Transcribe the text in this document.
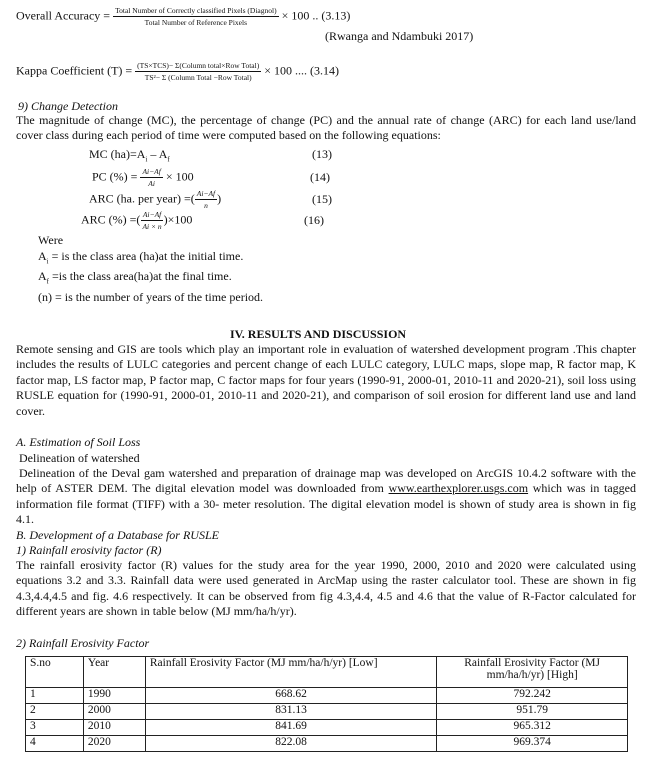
Overall Accuracy = $\frac{\text{Total Number of Correctly classified Pixels (Diagnol)}}{\text{Total Number of Reference Pixels}} \times 100$ .. (3.13)
(Rwanga and Ndambuki 2017)
Kappa Coefficient $(T) = \frac{\text{(TS×TCS)− Σ(Column total×Row Total)}}{\text{TS²− Σ (Column Total −Row Total)}} \times 100$ .... (3.14)
9) Change Detection
The magnitude of change (MC), the percentage of change (PC) and the annual rate of change (ARC) for each land use/land cover class during each period of time were computed based on the following equations:
MC $(ha)=A_i - A_f$	(13)
PC (%) = $\frac{Ai-Af}{Ai} \times 100$	(14)
ARC (ha. per year) =( $\frac{Ai-Af}{n}$ )	(15)
ARC (%) =( $\frac{Ai-Af}{Ai \times n} )\times 100$	(16)
Were
$A_i$ = is the class area (ha)at the initial time.
$A_f =is$ the class area(ha)at the final time.
(n) = is the number of years of the time period.
IV. RESULTS AND DISCUSSION
Remote sensing and GIS are tools which play an important role in evaluation of watershed development program .This chapter includes the results of LULC categories and percent change of each LULC category, LULC maps, slope map, R factor map, K factor map, LS factor map, P factor map, C factor maps for four years (1990-91, 2000-01, 2010-11 and 2020-21), soil loss using RUSLE equation for (1990-91, 2000-01, 2010-11 and 2020-21), and comparison of soil erosion for different land use and land cover.
A. Estimation of Soil Loss
Delineation of watershed
Delineation of the Deval gam watershed and preparation of drainage map was developed on ArcGIS 10.4.2 software with the help of ASTER DEM. The digital elevation model was downloaded from www.earthexplorer.usgs.com which was in tagged information file format (TIFF) with a 30- meter resolution. The digital elevation model is shown of study area is shown in fig 4.1.
B. Development of a Database for RUSLE
1) Rainfall erosivity factor (R)
The rainfall erosivity factor (R) values for the study area for the year 1990, 2000, 2010 and 2020 were calculated using equations 3.2 and 3.3. Rainfall data were used generated in ArcMap using the raster calculator tool. These are shown in fig 4.3,4.4,4.5 and fig. 4.6 respectively. It can be observed from fig 4.3,4.4, 4.5 and 4.6 that the value of R-Factor calculated for different years are shown in table below (MJ mm/ha/h/yr).
2) Rainfall Erosivity Factor
S.no	Year	Rainfall Erosivity Factor (MJ mm/ha/h/yr) [Low]	Rainfall Erosivity Factor (MJ mm/ha/h/yr) [High]
1	1990	668.62	792.242
2	2000	831.13	951.79
3	2010	841.69	965.312
4	2020	822.08	969.374
